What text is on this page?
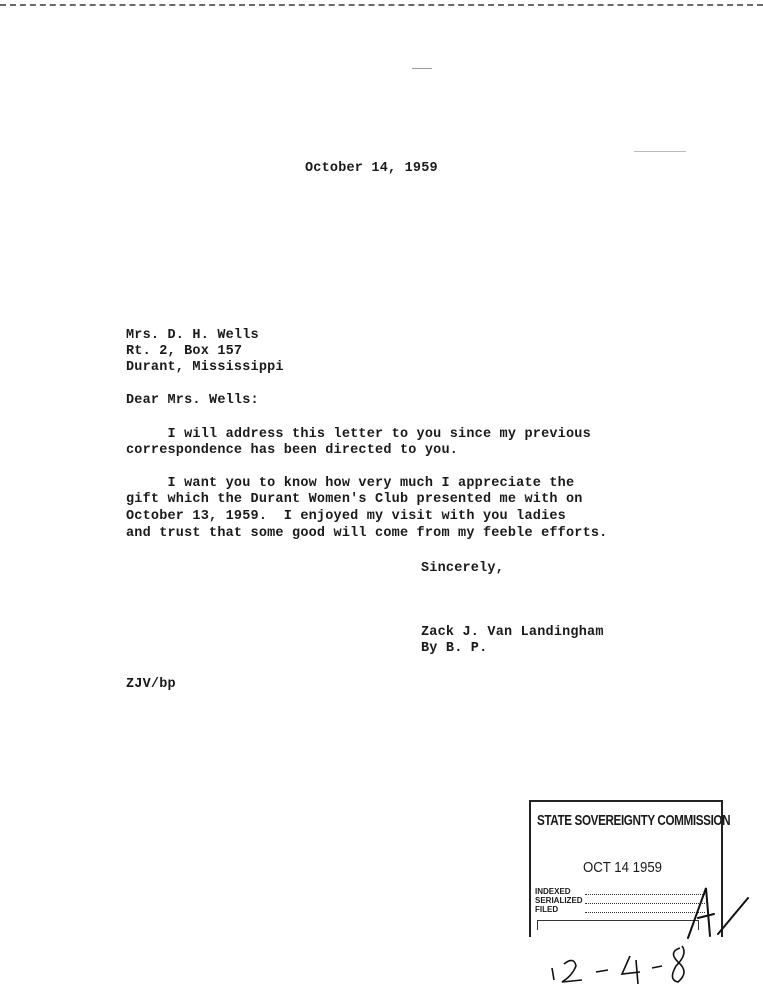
October 14, 1959
Mrs. D. H. Wells
Rt. 2, Box 157
Durant, Mississippi
Dear Mrs. Wells:
I will address this letter to you since my previous
correspondence has been directed to you.
I want you to know how very much I appreciate the
gift which the Durant Women's Club presented me with on
October 13, 1959.  I enjoyed my visit with you ladies
and trust that some good will come from my feeble efforts.
Sincerely,
Zack J. Van Landingham
By B. P.
ZJV/bp
STATE SOVEREIGNTY COMMISSION
OCT 14 1959
INDEXED
SERIALIZED
FILED
